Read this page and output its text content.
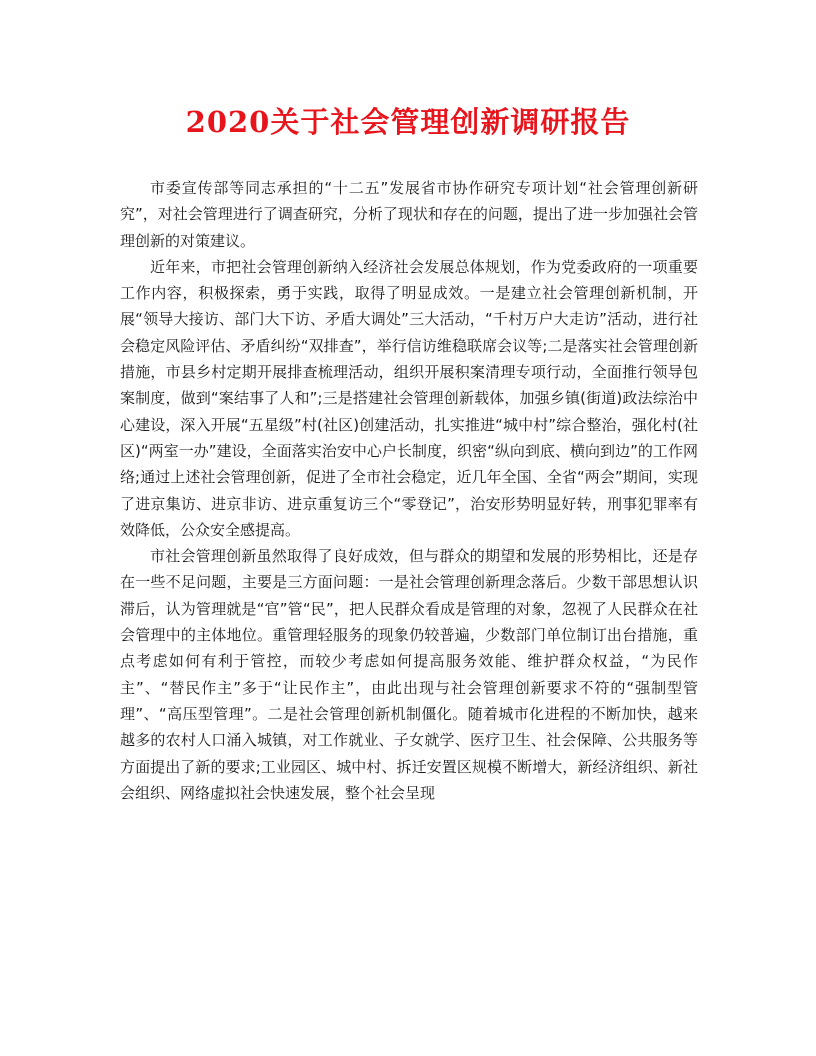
2020关于社会管理创新调研报告

市委宣传部等同志承担的“十二五”发展省市协作研究专项计划“社会管理创新研究”，对社会管理进行了调查研究，分析了现状和存在的问题，提出了进一步加强社会管理创新的对策建议。

近年来，市把社会管理创新纳入经济社会发展总体规划，作为党委政府的一项重要工作内容，积极探索，勇于实践，取得了明显成效。一是建立社会管理创新机制，开展“领导大接访、部门大下访、矛盾大调处”三大活动，“千村万户大走访”活动，进行社会稳定风险评估、矛盾纠纷“双排查”，举行信访维稳联席会议等;二是落实社会管理创新措施，市县乡村定期开展排查梳理活动，组织开展积案清理专项行动，全面推行领导包案制度，做到“案结事了人和”;三是搭建社会管理创新载体，加强乡镇(街道)政法综治中心建设，深入开展“五星级”村(社区)创建活动，扎实推进“城中村”综合整治，强化村(社区)“两室一办”建设，全面落实治安中心户长制度，织密“纵向到底、横向到边”的工作网络;通过上述社会管理创新，促进了全市社会稳定，近几年全国、全省“两会”期间，实现了进京集访、进京非访、进京重复访三个“零登记”，治安形势明显好转，刑事犯罪率有效降低，公众安全感提高。

市社会管理创新虽然取得了良好成效，但与群众的期望和发展的形势相比，还是存在一些不足问题，主要是三方面问题：一是社会管理创新理念落后。少数干部思想认识滞后，认为管理就是“官”管“民”，把人民群众看成是管理的对象，忽视了人民群众在社会管理中的主体地位。重管理轻服务的现象仍较普遍，少数部门单位制订出台措施，重点考虑如何有利于管控，而较少考虑如何提高服务效能、维护群众权益，“为民作主”、“替民作主”多于“让民作主”，由此出现与社会管理创新要求不符的“强制型管理”、“高压型管理”。二是社会管理创新机制僵化。随着城市化进程的不断加快，越来越多的农村人口涌入城镇，对工作就业、子女就学、医疗卫生、社会保障、公共服务等方面提出了新的要求;工业园区、城中村、拆迁安置区规模不断增大，新经济组织、新社会组织、网络虚拟社会快速发展，整个社会呈现
